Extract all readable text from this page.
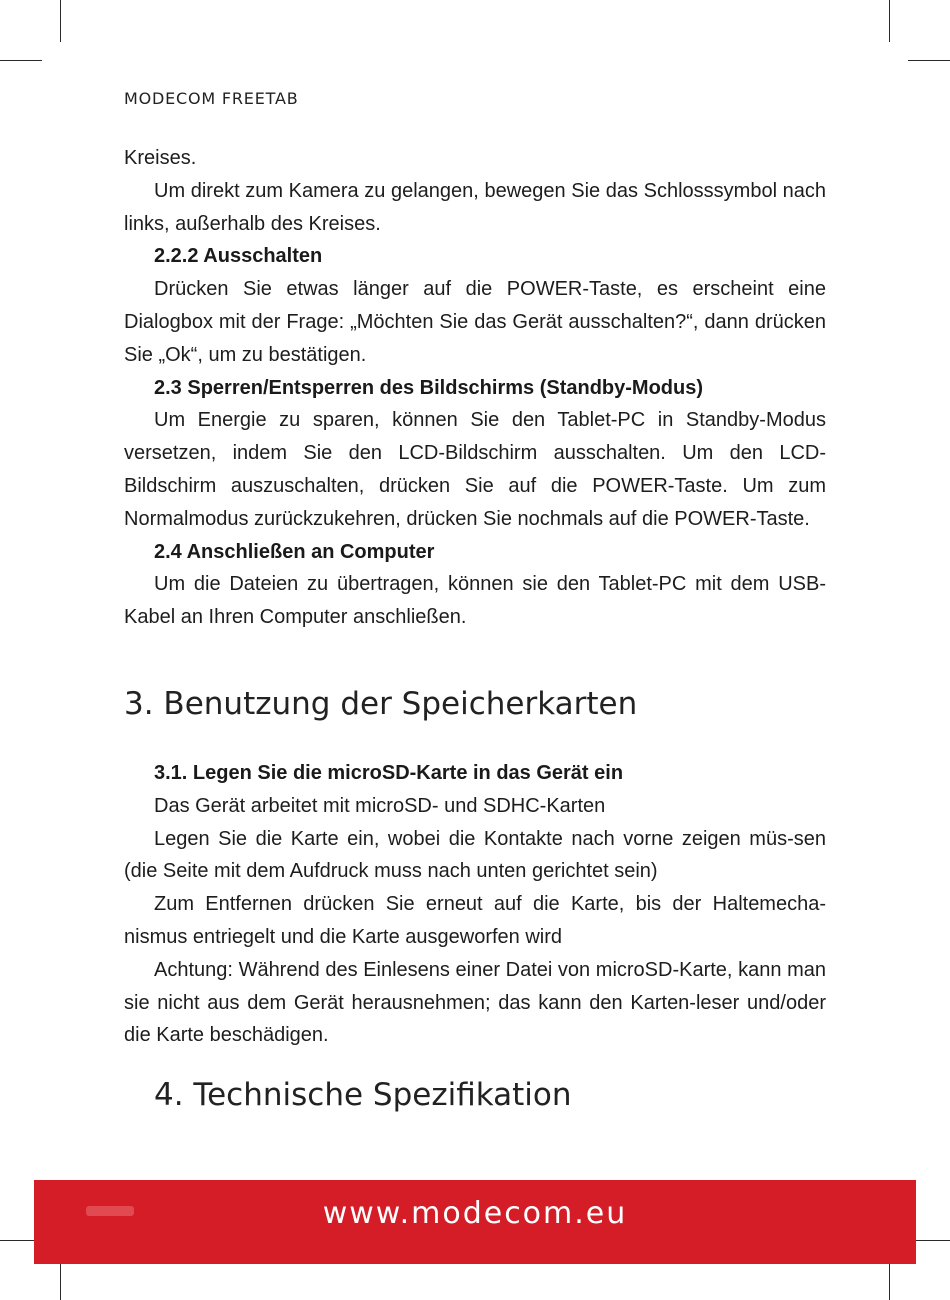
MODECOM FREETAB

Kreises.

Um direkt zum Kamera zu gelangen, bewegen Sie das Schlosssymbol nach links, außerhalb des Kreises.

2.2.2 Ausschalten

Drücken Sie etwas länger auf die POWER-Taste, es erscheint eine Dialogbox mit der Frage: „Möchten Sie das Gerät ausschalten?“, dann drücken Sie „Ok“, um zu bestätigen.

2.3 Sperren/Entsperren des Bildschirms (Standby-Modus)

Um Energie zu sparen, können Sie den Tablet-PC in Standby-Modus versetzen, indem Sie den LCD-Bildschirm ausschalten. Um den LCD-Bildschirm auszuschalten, drücken Sie auf die POWER-Taste. Um zum Normalmodus zurückzukehren, drücken Sie nochmals auf die POWER-Taste.

2.4 Anschließen an Computer

Um die Dateien zu übertragen, können sie den Tablet-PC mit dem USB-Kabel an Ihren Computer anschließen.

3. Benutzung der Speicherkarten

3.1. Legen Sie die microSD-Karte in das Gerät ein

Das Gerät arbeitet mit microSD- und SDHC-Karten

Legen Sie die Karte ein, wobei die Kontakte nach vorne zeigen müs-sen (die Seite mit dem Aufdruck muss nach unten gerichtet sein)

Zum Entfernen drücken Sie erneut auf die Karte, bis der Haltemecha-nismus entriegelt und die Karte ausgeworfen wird

Achtung: Während des Einlesens einer Datei von microSD-Karte, kann man sie nicht aus dem Gerät herausnehmen; das kann den Karten-leser und/oder die Karte beschädigen.

4. Technische Spezifikation
www.modecom.eu
